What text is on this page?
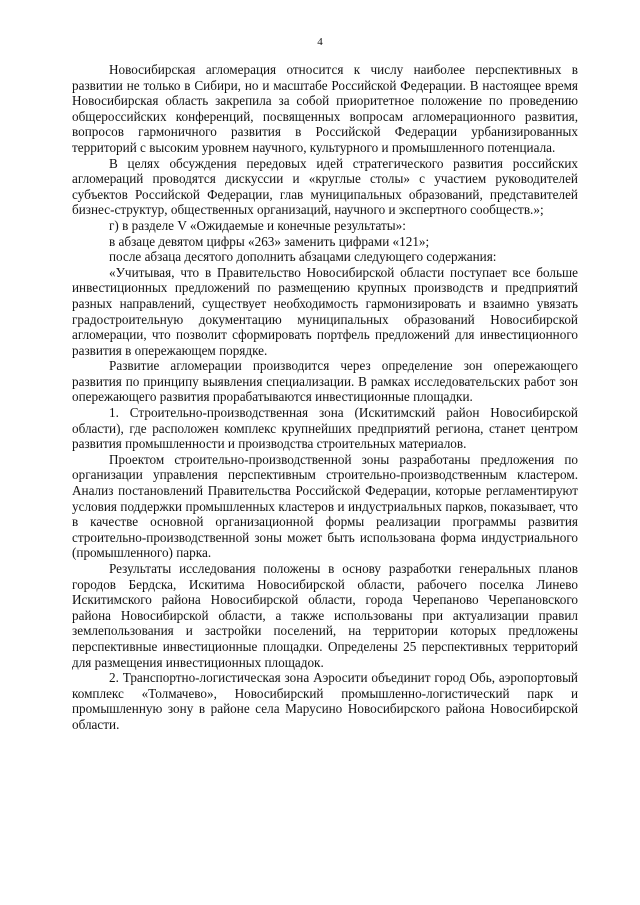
4

Новосибирская агломерация относится к числу наиболее перспективных в развитии не только в Сибири, но и масштабе Российской Федерации. В настоящее время Новосибирская область закрепила за собой приоритетное положение по проведению общероссийских конференций, посвященных вопросам агломерационного развития, вопросов гармоничного развития в Российской Федерации урбанизированных территорий с высоким уровнем научного, культурного и промышленного потенциала.

В целях обсуждения передовых идей стратегического развития российских агломераций проводятся дискуссии и «круглые столы» с участием руководителей субъектов Российской Федерации, глав муниципальных образований, представителей бизнес-структур, общественных организаций, научного и экспертного сообществ.»;

г) в разделе V «Ожидаемые и конечные результаты»:

в абзаце девятом цифры «263» заменить цифрами «121»;

после абзаца десятого дополнить абзацами следующего содержания:

«Учитывая, что в Правительство Новосибирской области поступает все больше инвестиционных предложений по размещению крупных производств и предприятий разных направлений, существует необходимость гармонизировать и взаимно увязать градостроительную документацию муниципальных образований Новосибирской агломерации, что позволит сформировать портфель предложений для инвестиционного развития в опережающем порядке.

Развитие агломерации производится через определение зон опережающего развития по принципу выявления специализации. В рамках исследовательских работ зон опережающего развития прорабатываются инвестиционные площадки.

1. Строительно-производственная зона (Искитимский район Новосибирской области), где расположен комплекс крупнейших предприятий региона, станет центром развития промышленности и производства строительных материалов.

Проектом строительно-производственной зоны разработаны предложения по организации управления перспективным строительно-производственным кластером. Анализ постановлений Правительства Российской Федерации, которые регламентируют условия поддержки промышленных кластеров и индустриальных парков, показывает, что в качестве основной организационной формы реализации программы развития строительно-производственной зоны может быть использована форма индустриального (промышленного) парка.

Результаты исследования положены в основу разработки генеральных планов городов Бердска, Искитима Новосибирской области, рабочего поселка Линево Искитимского района Новосибирской области, города Черепаново Черепановского района Новосибирской области, а также использованы при актуализации правил землепользования и застройки поселений, на территории которых предложены перспективные инвестиционные площадки. Определены 25 перспективных территорий для размещения инвестиционных площадок.

2. Транспортно-логистическая зона Аэросити объединит город Обь, аэропортовый комплекс «Толмачево», Новосибирский промышленно-логистический парк и промышленную зону в районе села Марусино Новосибирского района Новосибирской области.
